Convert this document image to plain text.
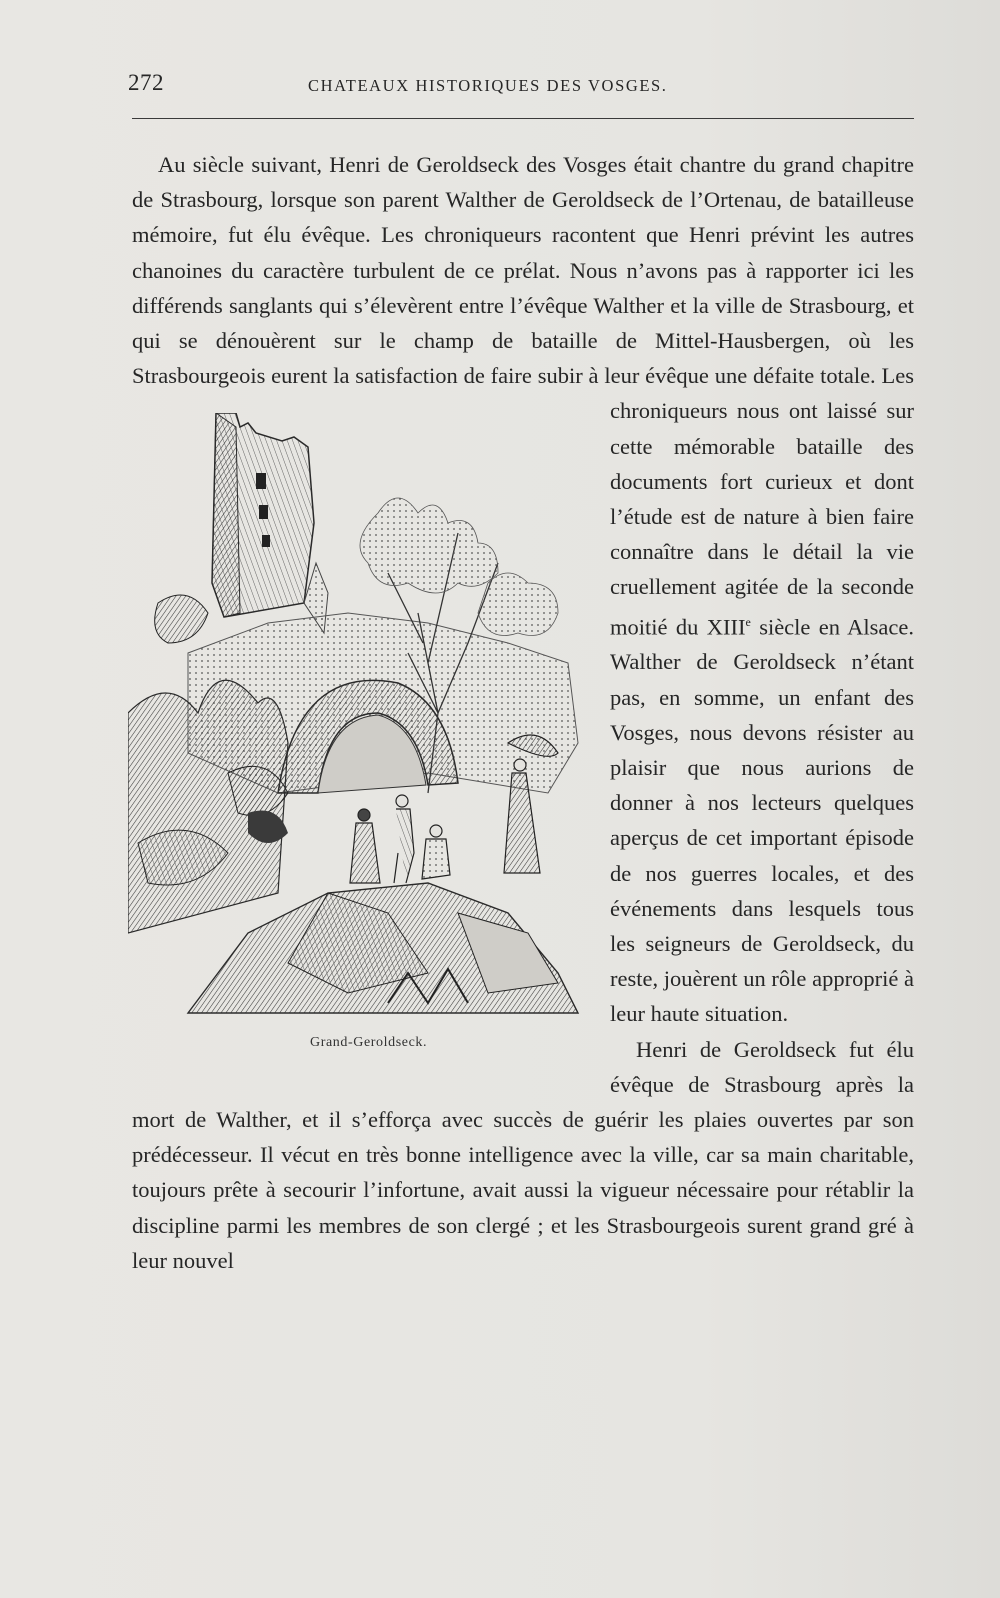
272	CHATEAUX HISTORIQUES DES VOSGES.

Au siècle suivant, Henri de Geroldseck des Vosges était chantre du grand chapitre de Strasbourg, lorsque son parent Walther de Geroldseck de l’Ortenau, de batailleuse mémoire, fut élu évêque. Les chroniqueurs racontent que Henri prévint les autres chanoines du caractère turbulent de ce prélat. Nous n’avons pas à rapporter ici les différends sanglants qui s’élevèrent entre l’évêque Walther et la ville de Strasbourg, et qui se dénouèrent sur le champ de bataille de Mittel-Hausbergen, où les Strasbourgeois eurent la satisfaction de faire subir
Grand-Geroldseck.
à leur évêque une défaite totale. Les chroniqueurs nous ont laissé sur cette mémorable bataille des documents fort curieux et dont l’étude est de nature à bien faire connaître dans le détail la vie cruellement agitée de la seconde moitié du XIIIe siècle en Alsace. Walther de Geroldseck n’étant pas, en somme, un enfant des Vosges, nous devons résister au plaisir que nous aurions de donner à nos lecteurs quelques aperçus de cet important épisode de nos guerres locales, et des événements dans lesquels tous les seigneurs de Geroldseck, du reste, jouèrent un rôle approprié à leur haute situation.

Henri de Geroldseck fut élu évêque de Strasbourg après la mort de Walther, et il s’efforça avec succès de guérir les plaies ouvertes par son prédécesseur. Il vécut en très bonne intelligence avec la ville, car sa main charitable, toujours prête à secourir l’infortune, avait aussi la vigueur nécessaire pour rétablir la discipline parmi les membres de son clergé ; et les Strasbourgeois surent grand gré à leur nouvel
